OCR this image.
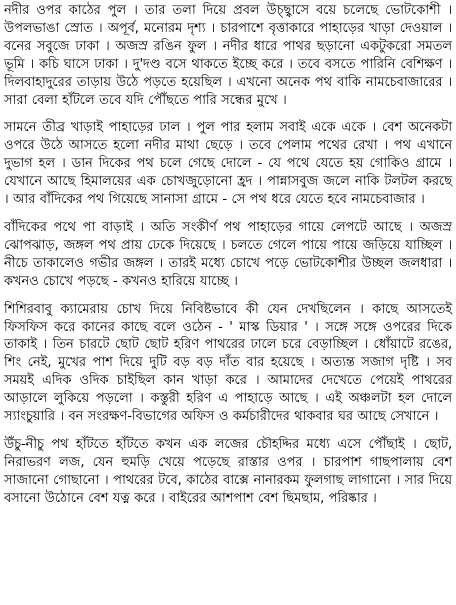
নদীর ওপর কাঠের পুল । তার তলা দিয়ে প্রবল উচ্ছ্বাসে বয়ে চলেছে ভোটকোশী । উপলভাঙা স্রোত । অপূর্ব, মনোরম দৃশ্য । চারপাশে বৃত্তাকারে পাহাড়ের খাড়া দেওয়াল । বনের সবুজে ঢাকা । অজস্র রঙিন ফুল । নদীর ধারে পাথর ছড়ানো একটুকরো সমতল ভূমি । কচি ঘাসে ঢাকা । দু'দণ্ড বসে থাকতে ইচ্ছে করে । তবে বসতে পারিনি বেশিক্ষণ । দিলবাহাদুরের তাড়ায় উঠে পড়তে হয়েছিল । এখনো অনেক পথ বাকি নামচেবাজারের । সারা বেলা হাঁটলে তবে যদি পৌঁছতে পারি সন্ধের মুখে ।

সামনে তীব্র খাড়াই পাহাড়ের ঢাল । পুল পার হলাম সবাই একে একে । বেশ অনেকটা ওপরে উঠে আসতে হলো নদীর মাথা ছেড়ে । তবে পেলাম পথের রেখা । পথ এখানে দুভাগ হল । ডান দিকের পথ চলে গেছে দোলে - যে পথে যেতে হয় গোকিও গ্রামে । যেখানে আছে হিমালয়ের এক চোখজুড়োনো হ্রদ । পান্নাসবুজ জলে নাকি টলটল করছে । আর বাঁদিকের পথ গিয়েছে সানাসা গ্রামে - সে পথ ধরে যেতে হবে নামচেবাজার ।

বাঁদিকের পথে পা বাড়াই । অতি সংকীর্ণ পথ পাহাড়ের গায়ে লেপটে আছে । অজস্র ঝোপঝাড়, জঙ্গল পথ প্রায় ঢেকে দিয়েছে । চলতে গেলে পায়ে পায়ে জড়িয়ে যাচ্ছিল । নীচে তাকালেও গভীর জঙ্গল । তারই মধ্যে চোখে পড়ে ভোটকোশীর উচ্ছল জলধারা । কখনও চোখে পড়ছে - কখনও হারিয়ে যাচ্ছে ।

শিশিরবাবু ক্যামেরায় চোখ দিয়ে নিবিষ্টভাবে কী যেন দেখছিলেন । কাছে আসতেই ফিসফিস করে কানের কাছে বলে ওঠেন - ' মাস্ক ডিয়ার ' । সঙ্গে সঙ্গে ওপরের দিকে তাকাই । তিন চারটে ছোট ছোট হরিণ পাথরের ঢালে চরে বেড়াচ্ছিল । ধোঁয়াটে রঙের, শিং নেই, মুখের পাশ দিয়ে দুটি বড় বড় দাঁত বার হয়েছে । অত্যন্ত সজাগ দৃষ্টি । সব সময়ই এদিক ওদিক চাইছিল কান খাড়া করে । আমাদের দেখেতে পেয়েই পাথরের আড়ালে লুকিয়ে পড়লো । কস্তুরী হরিণ এ পাহাড়ে আছে । এই অঞ্চলটা হল দোলে স্যাংচুয়ারি । বন সংরক্ষণ-বিভাগের অফিস ও কর্মচারীদের থাকবার ঘর আছে সেখানে ।

উঁচু-নীচু পথ হাঁটতে হাঁটতে কখন এক লজের চৌহদ্দির মধ্যে এসে পৌঁছাই । ছোট, নিরাভরণ লজ, যেন হুমড়ি খেয়ে পড়েছে রাস্তার ওপর । চারপাশ গাছপালায় বেশ সাজানো গোছানো । পাথরের টবে, কাঠের বাক্সে নানারকম ফুলগাছ লাগানো । সার দিয়ে বসানো উঠোনে বেশ যত্ন করে । বাইরের আশপাশ বেশ ছিমছাম, পরিষ্কার ।
